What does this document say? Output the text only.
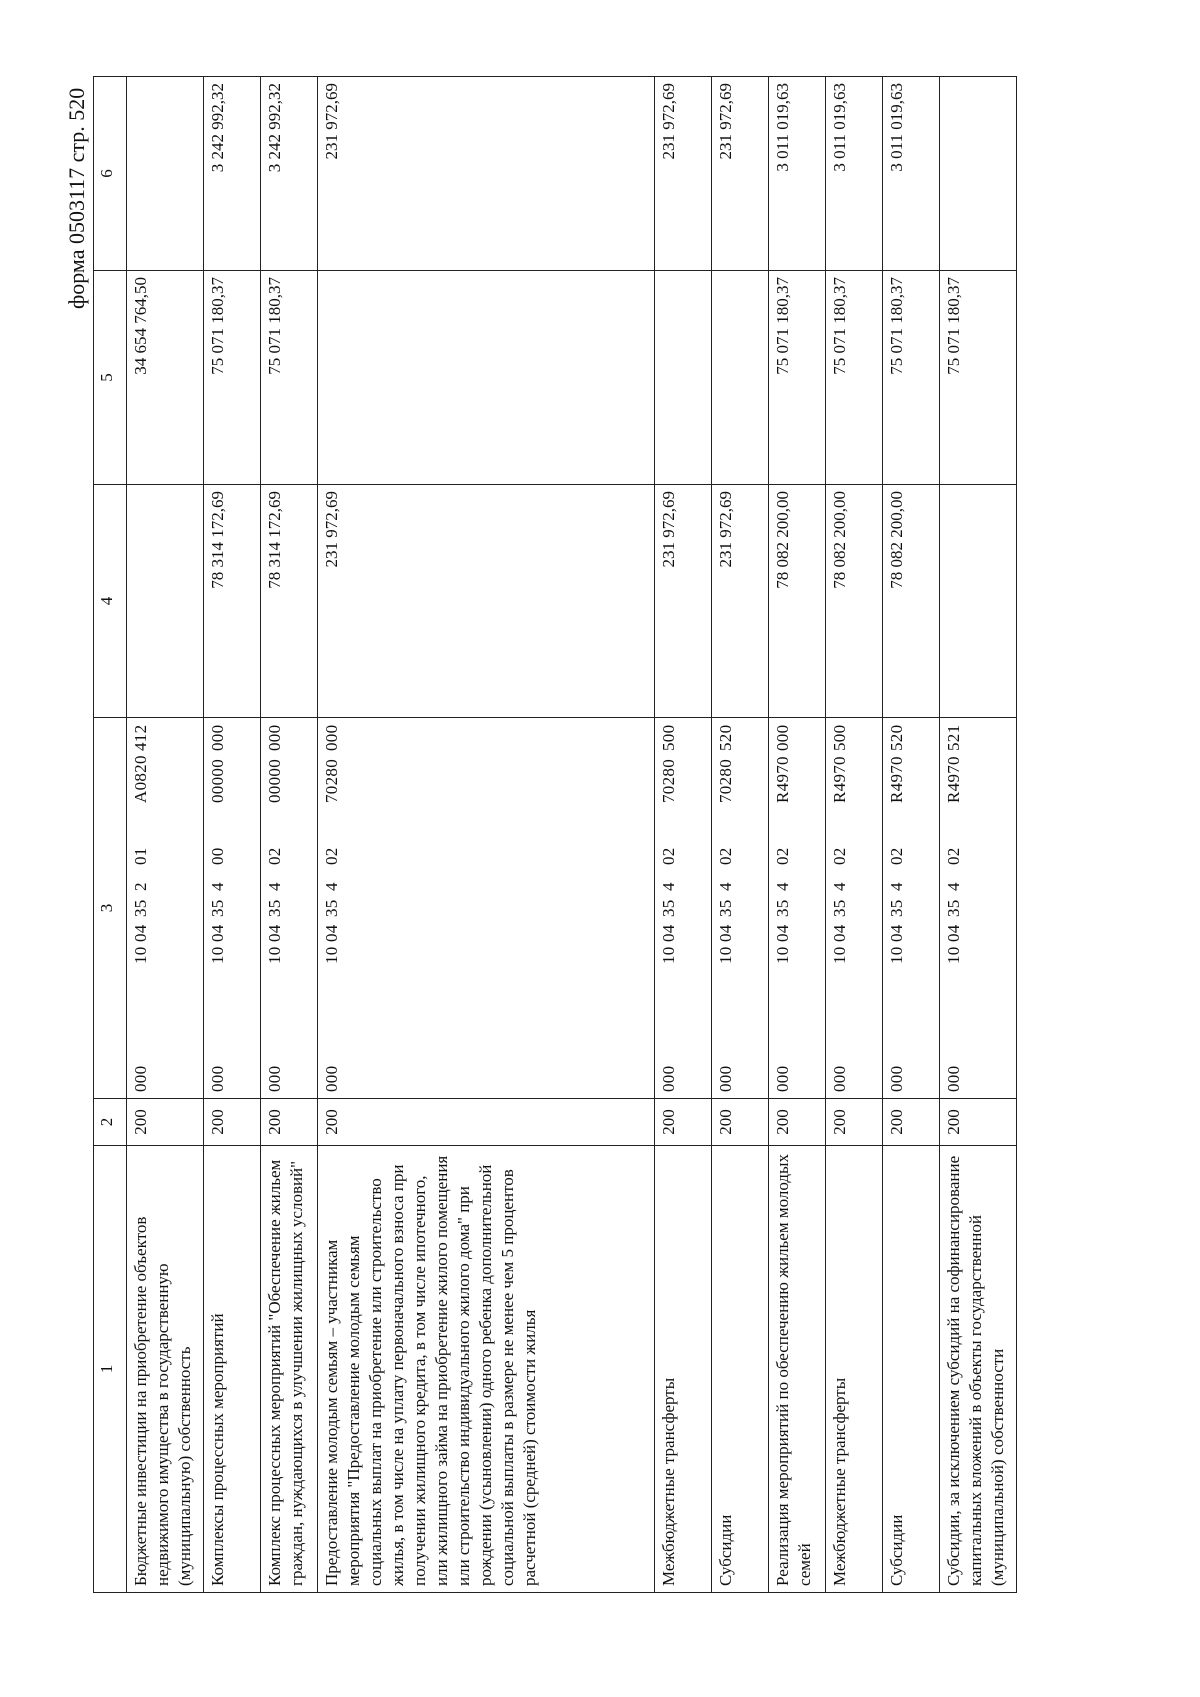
форма 0503117 стр. 520
1	2	3	4	5	6
Бюджетные инвестиции на приобретение объектов недвижимого имущества в государственную (муниципальную) собственность	200	000100435201A0820412		34 654 764,50	
Комплексы процессных мероприятий	200	00010043540000000000	78 314 172,69	75 071 180,37	3 242 992,32
Комплекс процессных мероприятий "Обеспечение жильем граждан, нуждающихся в улучшении жилищных условий"	200	00010043540200000000	78 314 172,69	75 071 180,37	3 242 992,32
Предоставление молодым семьям – участникам мероприятия "Предоставление молодым семьям социальных выплат на приобретение или строительство жилья, в том числе на уплату первоначального взноса при получении жилищного кредита, в том числе ипотечного, или жилищного займа на приобретение жилого помещения или строительство индивидуального жилого дома" при рождении (усыновлении) одного ребенка дополнительной социальной выплаты в размере не менее чем 5 процентов расчетной (средней) стоимости жилья	200	00010043540270280000	231 972,69		231 972,69
Межбюджетные трансферты	200	00010043540270280500	231 972,69		231 972,69
Субсидии	200	00010043540270280520	231 972,69		231 972,69
Реализация мероприятий по обеспечению жильем молодых семей	200	000100435402R4970000	78 082 200,00	75 071 180,37	3 011 019,63
Межбюджетные трансферты	200	000100435402R4970500	78 082 200,00	75 071 180,37	3 011 019,63
Субсидии	200	000100435402R4970520	78 082 200,00	75 071 180,37	3 011 019,63
Субсидии, за исключением субсидий на софинансирование капитальных вложений в объекты государственной (муниципальной) собственности	200	000100435402R4970521		75 071 180,37	
